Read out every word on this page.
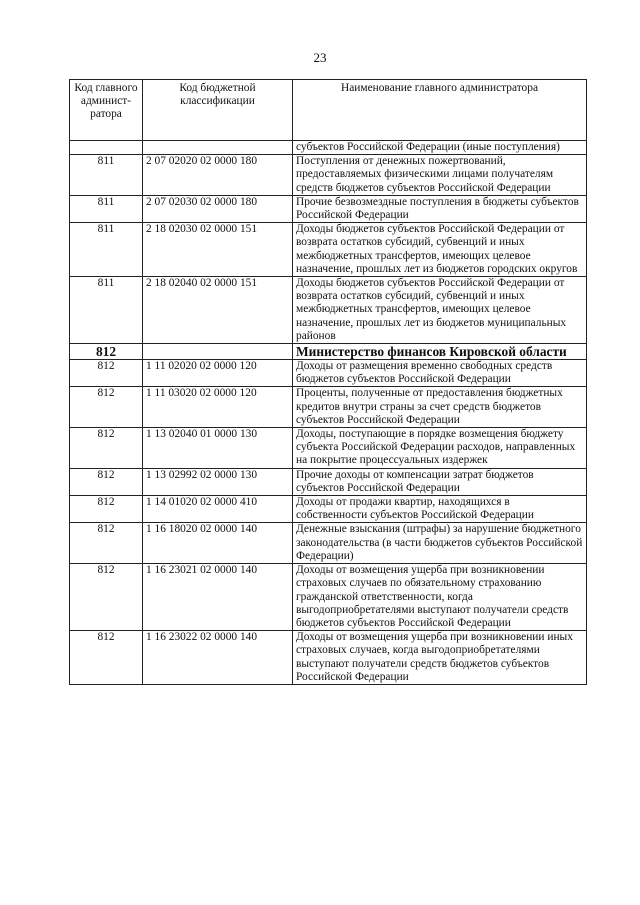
23
Код главного админист-ратора	Код бюджетной классификации	Наименование главного администратора
		субъектов Российской Федерации (иные поступления)
811	2 07 02020 02 0000 180	Поступления от денежных пожертвований, предоставляемых физическими лицами получателям средств бюджетов субъектов Российской Федерации
811	2 07 02030 02 0000 180	Прочие безвозмездные поступления в бюджеты субъектов Российской Федерации
811	2 18 02030 02 0000 151	Доходы бюджетов субъектов Российской Федерации от возврата остатков субсидий, субвенций и иных межбюджетных трансфертов, имеющих целевое назначение, прошлых лет из бюджетов городских округов
811	2 18 02040 02 0000 151	Доходы бюджетов субъектов Российской Федерации от возврата остатков субсидий, субвенций и иных межбюджетных трансфертов, имеющих целевое назначение, прошлых лет из бюджетов муниципальных районов
812		Министерство финансов Кировской области
812	1 11 02020 02 0000 120	Доходы от размещения временно свободных средств бюджетов субъектов Российской Федерации
812	1 11 03020 02 0000 120	Проценты, полученные от предоставления бюджетных кредитов внутри страны за счет средств бюджетов субъектов Российской Федерации
812	1 13 02040 01 0000 130	Доходы, поступающие в порядке возмещения бюджету субъекта Российской Федерации расходов, направленных на покрытие процессуальных издержек
812	1 13 02992 02 0000 130	Прочие доходы от компенсации затрат бюджетов субъектов Российской Федерации
812	1 14 01020 02 0000 410	Доходы от продажи квартир, находящихся в собственности субъектов Российской Федерации
812	1 16 18020 02 0000 140	Денежные взыскания (штрафы) за нарушение бюджетного законодательства (в части бюджетов субъектов Российской Федерации)
812	1 16 23021 02 0000 140	Доходы от возмещения ущерба при возникновении страховых случаев по обязательному страхованию гражданской ответственности, когда выгодоприобретателями выступают получатели средств бюджетов субъектов Российской Федерации
812	1 16 23022 02 0000 140	Доходы от возмещения ущерба при возникновении иных страховых случаев, когда выгодоприобретателями выступают получатели средств бюджетов субъектов Российской Федерации
